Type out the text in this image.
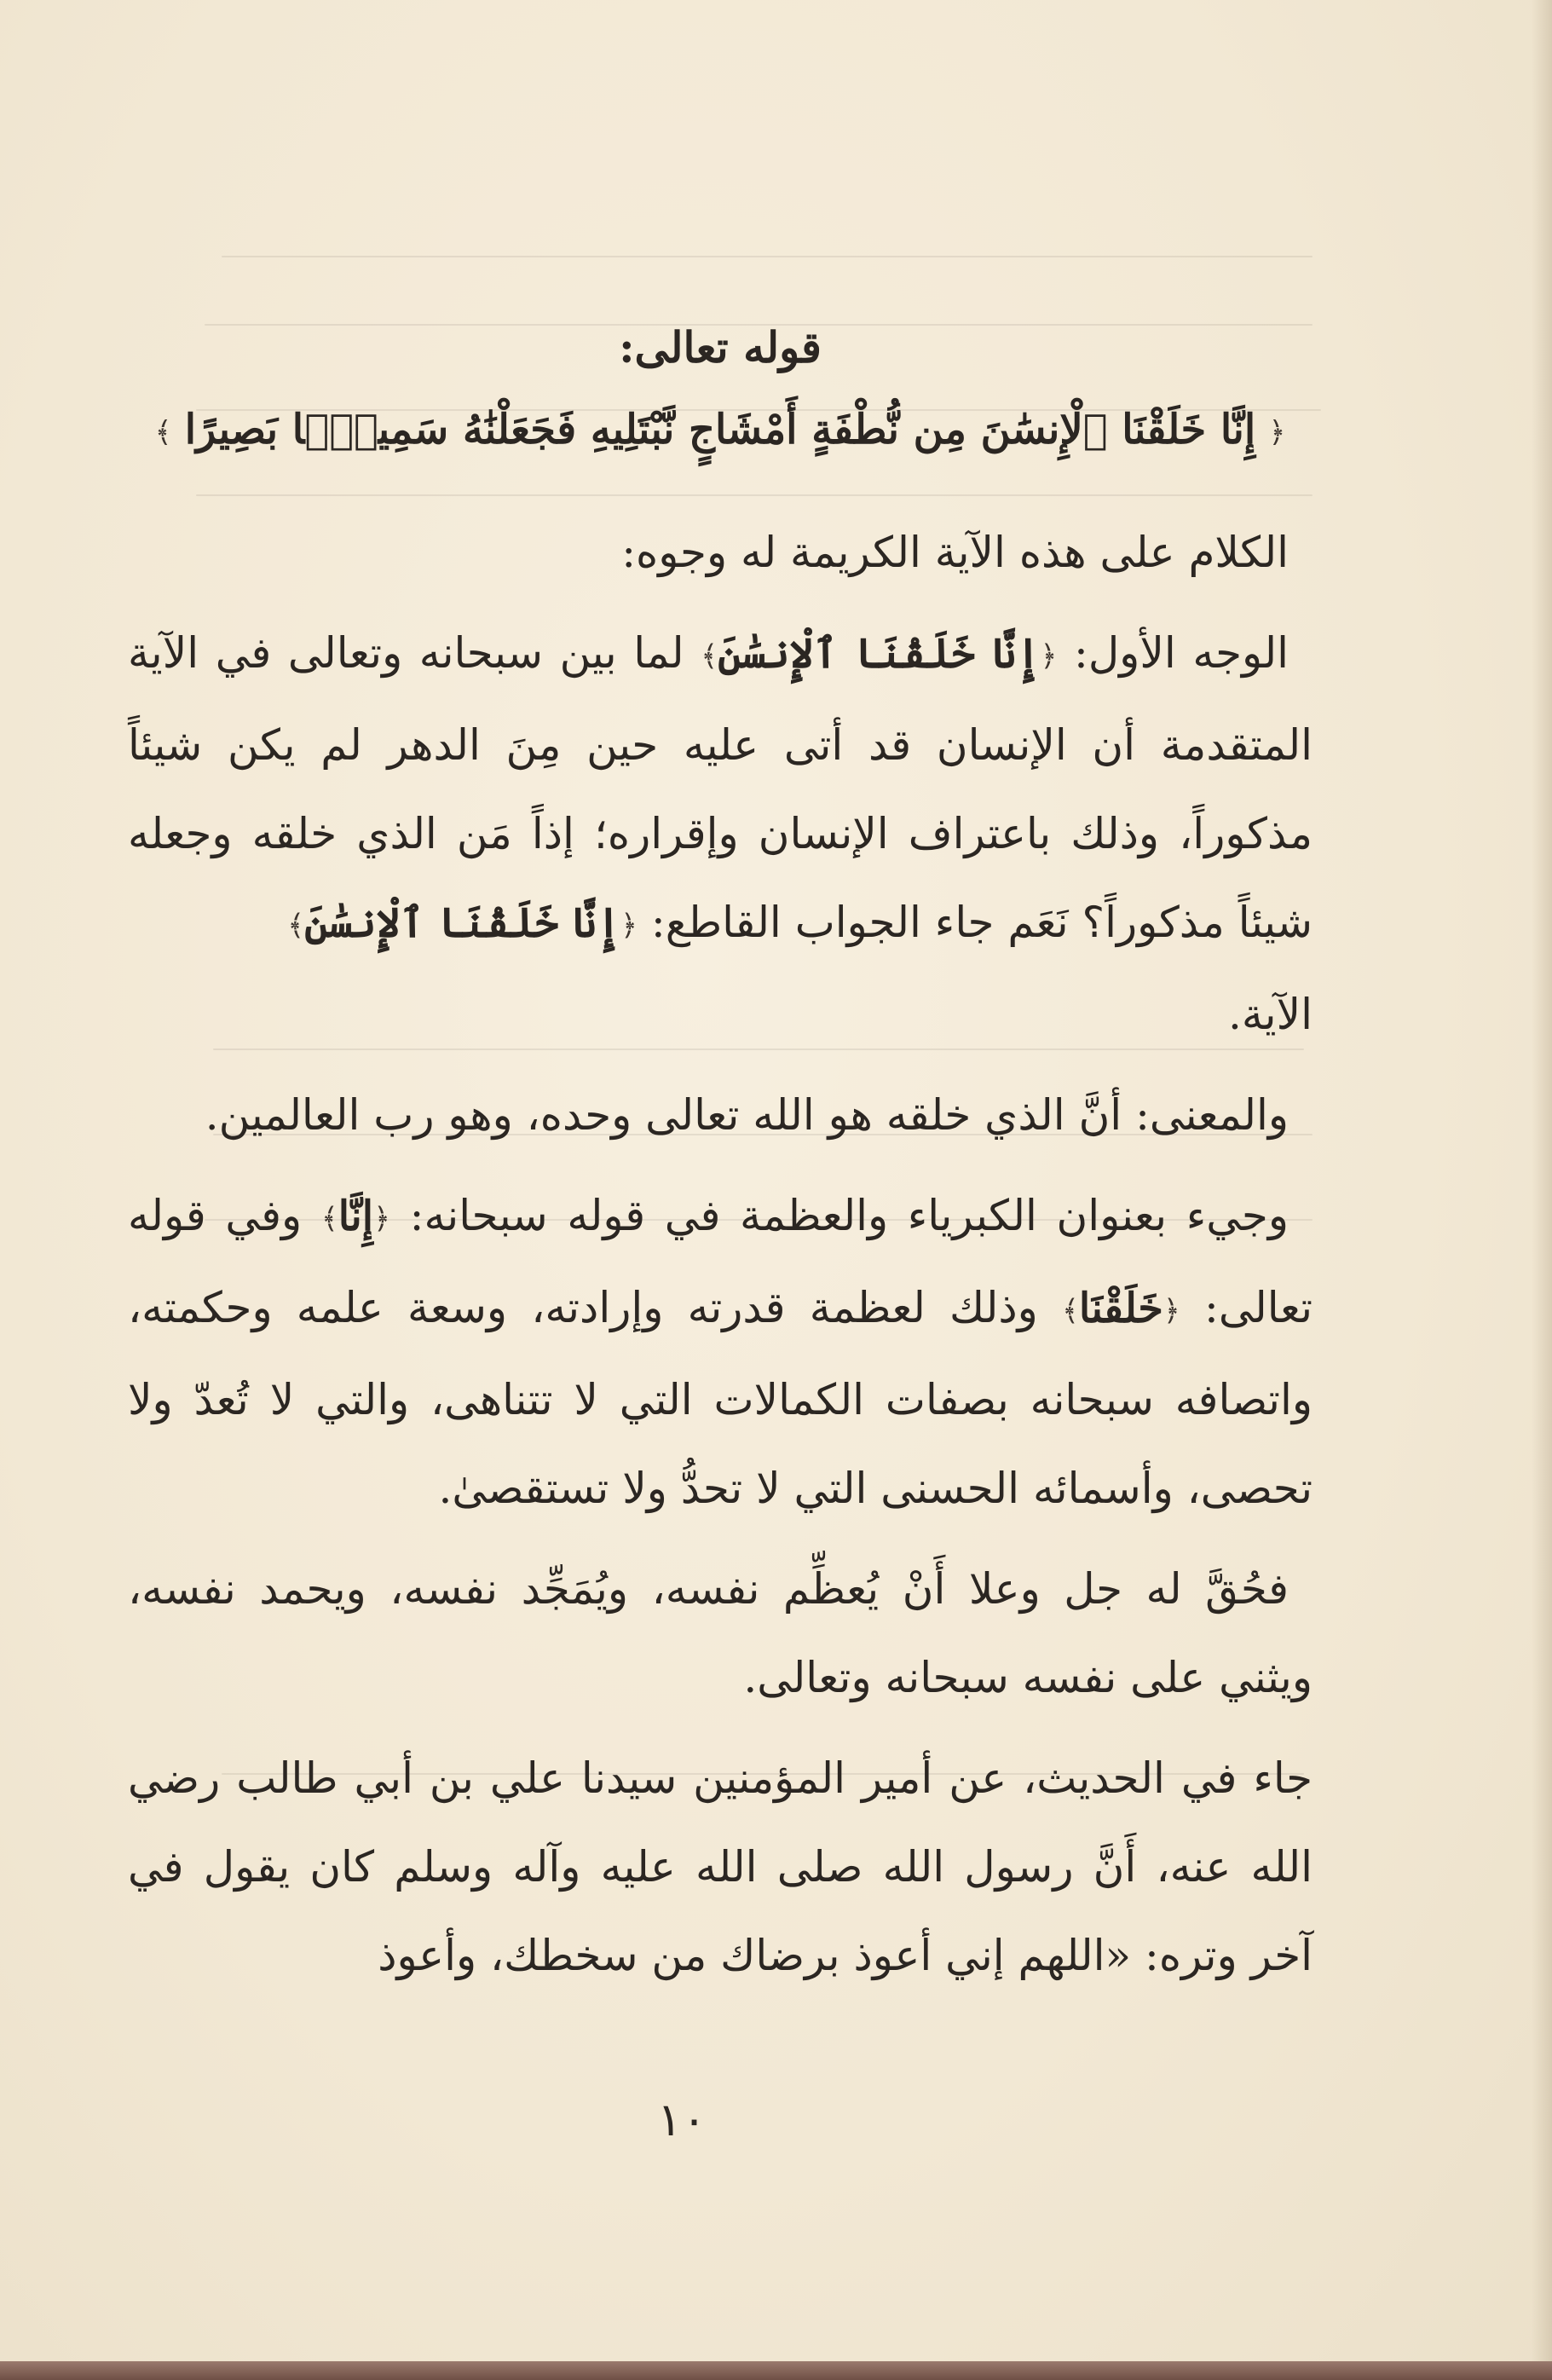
قوله تعالى:
﴿ إِنَّا خَلَقْنَا ٱلْإِنسَٰنَ مِن نُّطْفَةٍ أَمْشَاجٍ نَّبْتَلِيهِ فَجَعَلْنَٰهُ سَمِيعًۢا بَصِيرًا ﴾

الكلام على هذه الآية الكريمة له وجوه:

الوجه الأول: ﴿إِنَّا خَلَقْنَا ٱلْإِنسَٰنَ﴾ لما بين سبحانه وتعالى في الآية المتقدمة أن الإنسان قد أتى عليه حين مِنَ الدهر لم يكن شيئاً مذكوراً، وذلك باعتراف الإنسان وإقراره؛ إذاً مَن الذي خلقه وجعله شيئاً مذكوراً؟ نَعَم جاء الجواب القاطع: ﴿إِنَّا خَلَقْنَا ٱلْإِنسَٰنَ﴾
الآية.

والمعنى: أنَّ الذي خلقه هو الله تعالى وحده، وهو رب العالمين.

وجيء بعنوان الكبرياء والعظمة في قوله سبحانه: ﴿إِنَّا﴾ وفي قوله تعالى: ﴿خَلَقْنَا﴾ وذلك لعظمة قدرته وإرادته، وسعة علمه وحكمته، واتصافه سبحانه بصفات الكمالات التي لا تتناهى، والتي لا تُعدّ ولا تحصى، وأسمائه الحسنى التي لا تحدُّ ولا تستقصىٰ.

فحُقَّ له جل وعلا أَنْ يُعظِّم نفسه، ويُمَجِّد نفسه، ويحمد نفسه، ويثني على نفسه سبحانه وتعالى.

جاء في الحديث، عن أمير المؤمنين سيدنا علي بن أبي طالب رضي الله عنه، أَنَّ رسول الله صلى الله عليه وآله وسلم كان يقول في آخر وتره: «اللهم إني أعوذ برضاك من سخطك، وأعوذ

١٠
